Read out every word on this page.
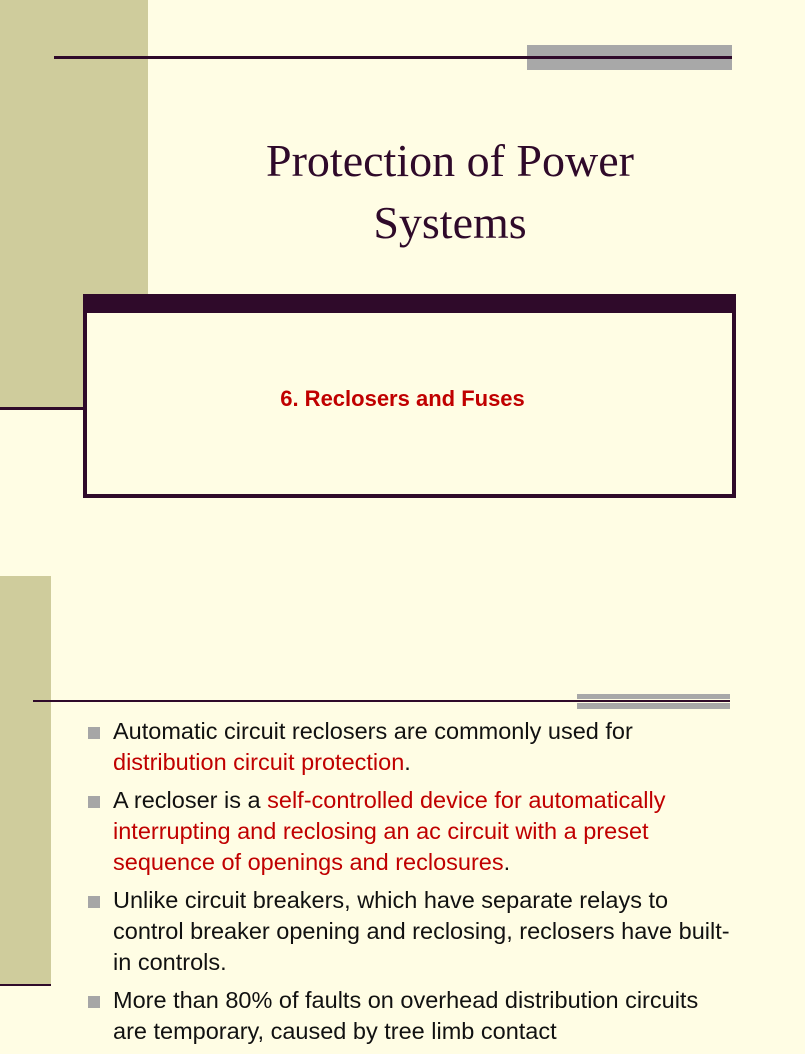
Protection of Power
Systems
6. Reclosers and Fuses
Automatic circuit reclosers are commonly used for distribution circuit protection.
A recloser is a self-controlled device for automatically interrupting and reclosing an ac circuit with a preset sequence of openings and reclosures.
Unlike circuit breakers, which have separate relays to control breaker opening and reclosing, reclosers have built-in controls.
More than 80% of faults on overhead distribution circuits are temporary, caused by tree limb contact
